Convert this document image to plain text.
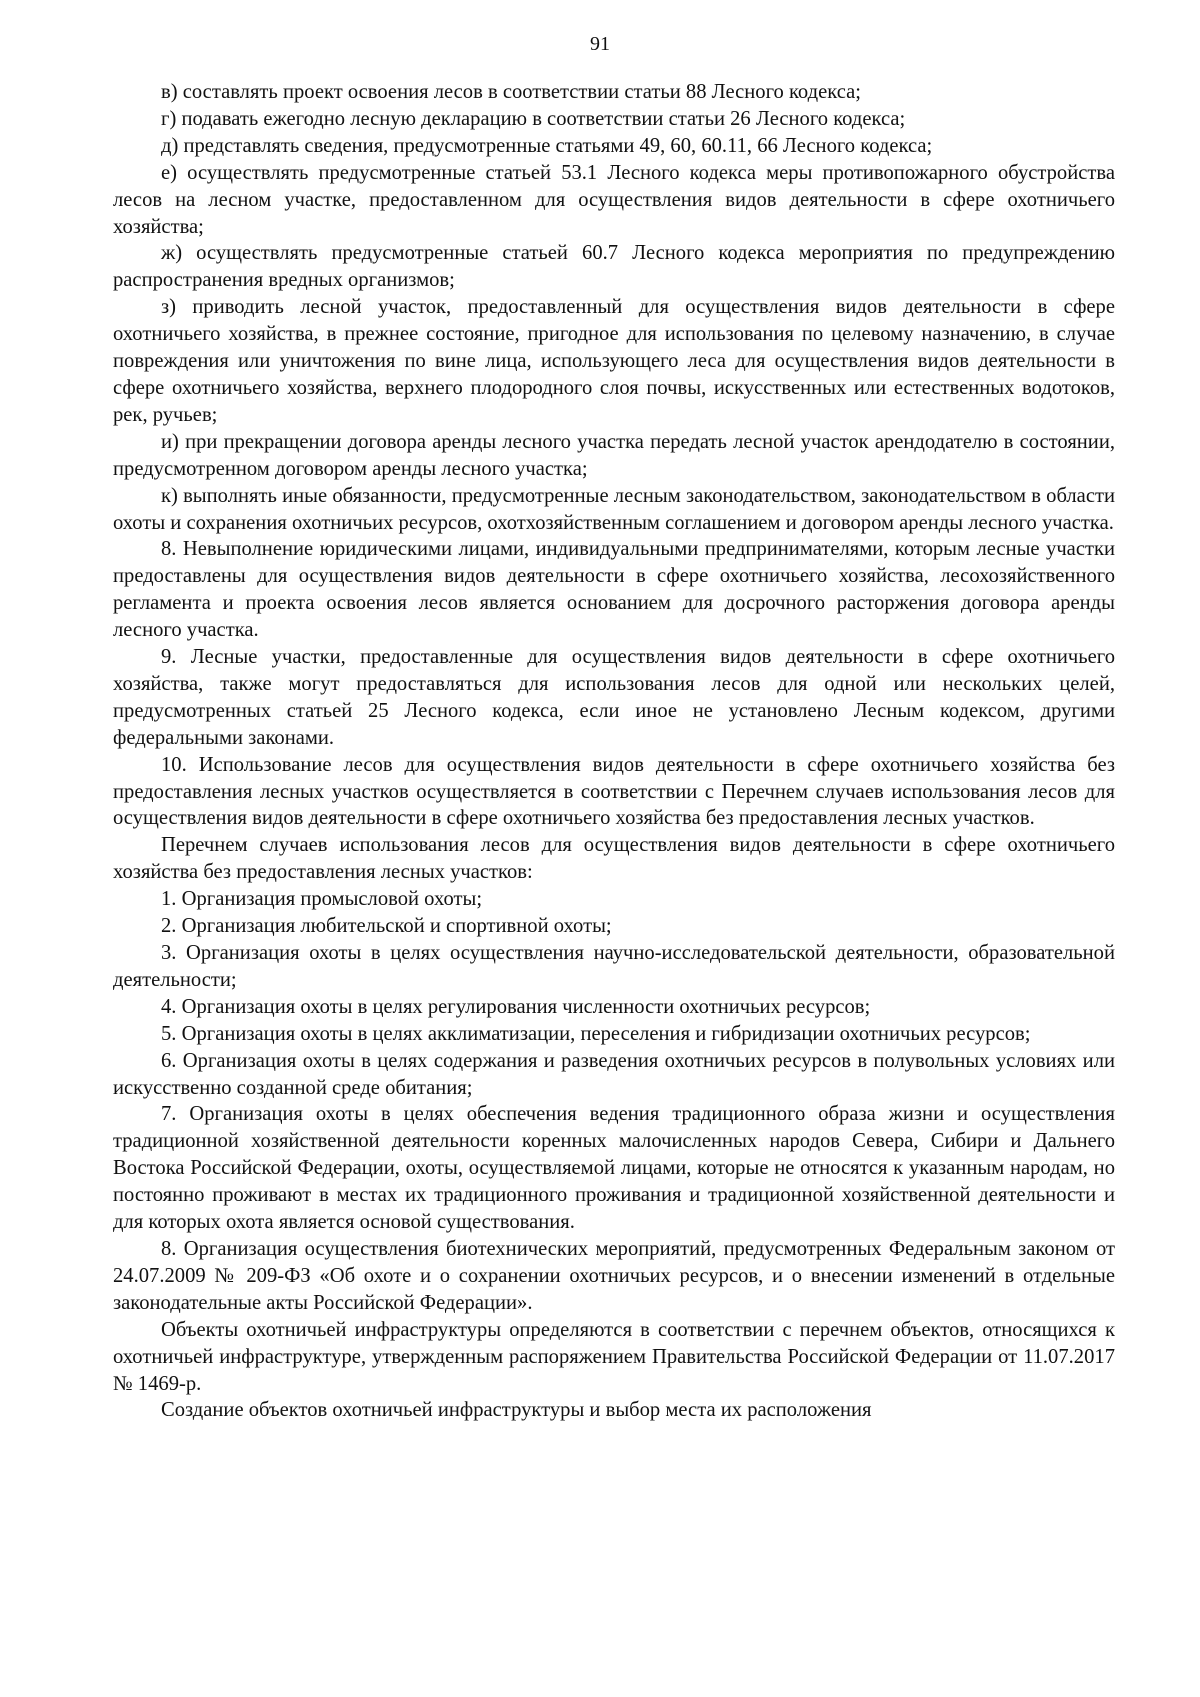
91

в) составлять проект освоения лесов в соответствии статьи 88 Лесного кодекса;

г) подавать ежегодно лесную декларацию в соответствии статьи 26 Лесного кодекса;

д) представлять сведения, предусмотренные статьями 49, 60, 60.11, 66 Лесного кодекса;

е) осуществлять предусмотренные статьей 53.1 Лесного кодекса меры противопожарного обустройства лесов на лесном участке, предоставленном для осуществления видов деятельности в сфере охотничьего хозяйства;

ж) осуществлять предусмотренные статьей 60.7 Лесного кодекса мероприятия по предупреждению распространения вредных организмов;

з) приводить лесной участок, предоставленный для осуществления видов деятельности в сфере охотничьего хозяйства, в прежнее состояние, пригодное для использования по целевому назначению, в случае повреждения или уничтожения по вине лица, использующего леса для осуществления видов деятельности в сфере охотничьего хозяйства, верхнего плодородного слоя почвы, искусственных или естественных водотоков, рек, ручьев;

и) при прекращении договора аренды лесного участка передать лесной участок арендодателю в состоянии, предусмотренном договором аренды лесного участка;

к) выполнять иные обязанности, предусмотренные лесным законодательством, законодательством в области охоты и сохранения охотничьих ресурсов, охотхозяйственным соглашением и договором аренды лесного участка.

8. Невыполнение юридическими лицами, индивидуальными предпринимателями, которым лесные участки предоставлены для осуществления видов деятельности в сфере охотничьего хозяйства, лесохозяйственного регламента и проекта освоения лесов является основанием для досрочного расторжения договора аренды лесного участка.

9. Лесные участки, предоставленные для осуществления видов деятельности в сфере охотничьего хозяйства, также могут предоставляться для использования лесов для одной или нескольких целей, предусмотренных статьей 25 Лесного кодекса, если иное не установлено Лесным кодексом, другими федеральными законами.

10. Использование лесов для осуществления видов деятельности в сфере охотничьего хозяйства без предоставления лесных участков осуществляется в соответствии с Перечнем случаев использования лесов для осуществления видов деятельности в сфере охотничьего хозяйства без предоставления лесных участков.

Перечнем случаев использования лесов для осуществления видов деятельности в сфере охотничьего хозяйства без предоставления лесных участков:

1. Организация промысловой охоты;

2. Организация любительской и спортивной охоты;

3. Организация охоты в целях осуществления научно-исследовательской деятельности, образовательной деятельности;

4. Организация охоты в целях регулирования численности охотничьих ресурсов;

5. Организация охоты в целях акклиматизации, переселения и гибридизации охотничьих ресурсов;

6. Организация охоты в целях содержания и разведения охотничьих ресурсов в полувольных условиях или искусственно созданной среде обитания;

7. Организация охоты в целях обеспечения ведения традиционного образа жизни и осуществления традиционной хозяйственной деятельности коренных малочисленных народов Севера, Сибири и Дальнего Востока Российской Федерации, охоты, осуществляемой лицами, которые не относятся к указанным народам, но постоянно проживают в местах их традиционного проживания и традиционной хозяйственной деятельности и для которых охота является основой существования.

8. Организация осуществления биотехнических мероприятий, предусмотренных Федеральным законом от 24.07.2009 № 209-ФЗ «Об охоте и о сохранении охотничьих ресурсов, и о внесении изменений в отдельные законодательные акты Российской Федерации».

Объекты охотничьей инфраструктуры определяются в соответствии с перечнем объектов, относящихся к охотничьей инфраструктуре, утвержденным распоряжением Правительства Российской Федерации от 11.07.2017 № 1469-р.

Создание объектов охотничьей инфраструктуры и выбор места их расположения
